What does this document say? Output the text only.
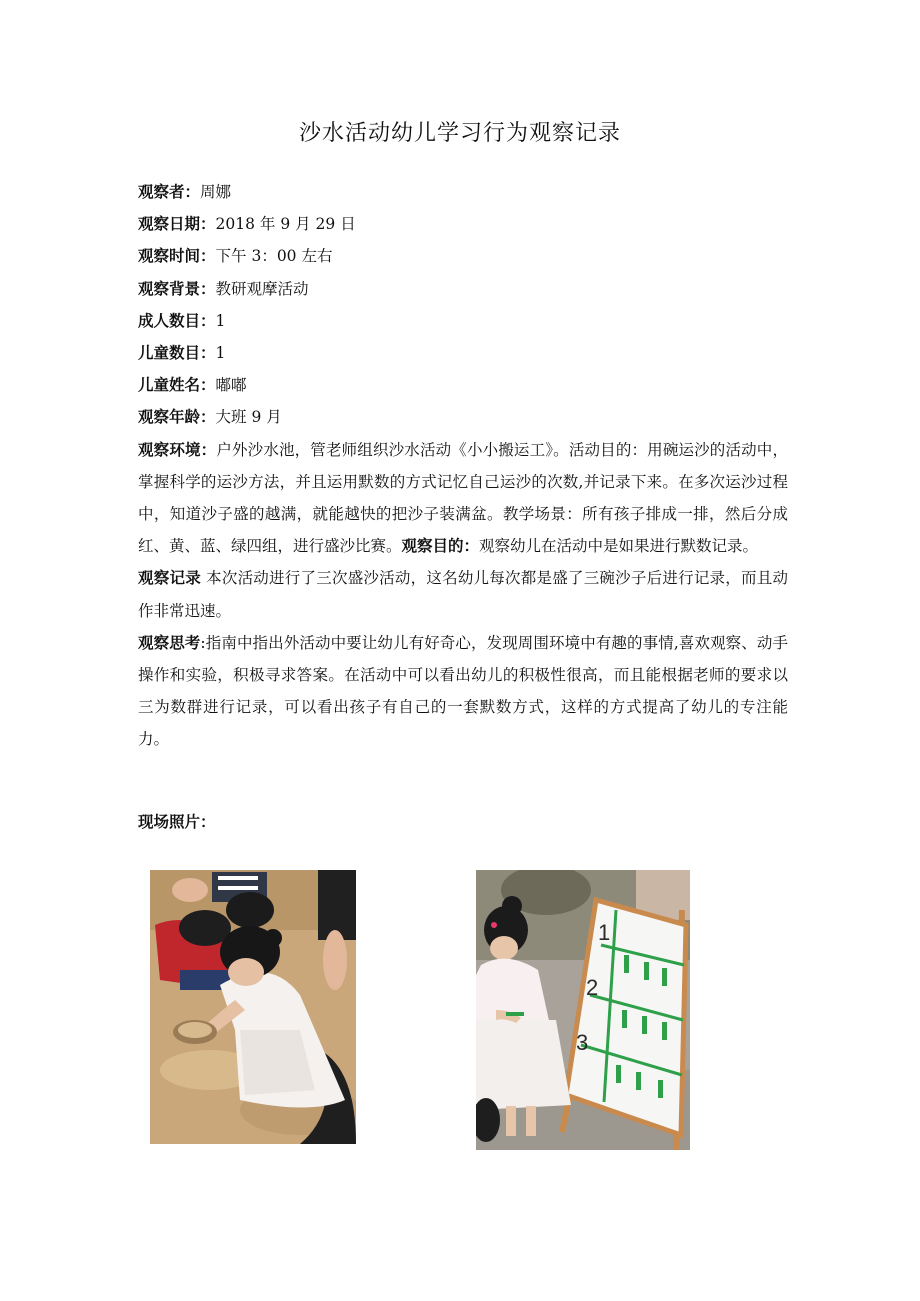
沙水活动幼儿学习行为观察记录

观察者：周娜

观察日期：2018 年 9 月 29 日

观察时间：下午 3：00 左右

观察背景：教研观摩活动

成人数目：1

儿童数目：1

儿童姓名：嘟嘟

观察年龄：大班 9 月

观察环境：户外沙水池，管老师组织沙水活动《小小搬运工》。活动目的：用碗运沙的活动中，掌握科学的运沙方法，并且运用默数的方式记忆自己运沙的次数,并记录下来。在多次运沙过程中，知道沙子盛的越满，就能越快的把沙子装满盆。教学场景：所有孩子排成一排，然后分成红、黄、蓝、绿四组，进行盛沙比赛。观察目的：观察幼儿在活动中是如果进行默数记录。

观察记录 本次活动进行了三次盛沙活动，这名幼儿每次都是盛了三碗沙子后进行记录，而且动作非常迅速。

观察思考:指南中指出外活动中要让幼儿有好奇心，发现周围环境中有趣的事情,喜欢观察、动手操作和实验，积极寻求答案。在活动中可以看出幼儿的积极性很高，而且能根据老师的要求以三为数群进行记录，可以看出孩子有自己的一套默数方式，这样的方式提高了幼儿的专注能力。

现场照片：

1
2
3
